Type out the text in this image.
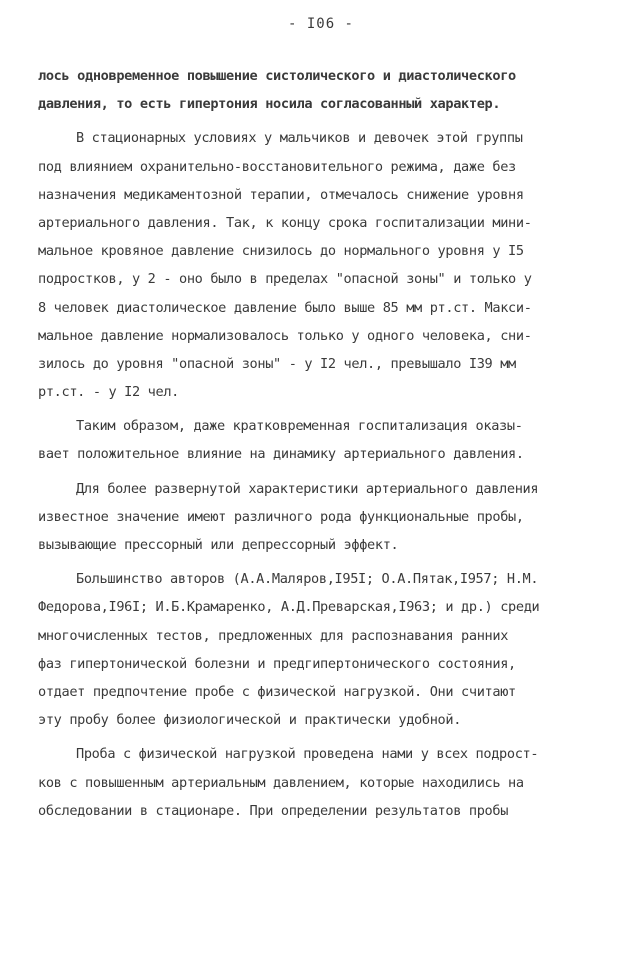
- I06 -
лось одновременное повышение систолического и диастолического
давления, то есть гипертония носила согласованный характер.
В стационарных условиях у мальчиков и девочек этой группы
под влиянием охранительно-восстановительного режима, даже без
назначения медикаментозной терапии, отмечалось снижение уровня
артериального давления. Так, к концу срока госпитализации мини-
мальное кровяное давление снизилось до нормального уровня у I5
подростков, у 2 - оно было в пределах "опасной зоны" и только у
8 человек диастолическое давление было выше 85 мм рт.ст. Макси-
мальное давление нормализовалось только у одного человека, сни-
зилось до уровня "опасной зоны" - у I2 чел., превышало I39 мм
рт.ст. - у I2 чел.
Таким образом, даже кратковременная госпитализация оказы-
вает положительное влияние на динамику артериального давления.
Для более развернутой характеристики артериального давления
известное значение имеют различного рода функциональные пробы,
вызывающие прессорный или депрессорный эффект.
Большинство авторов (А.А.Маляров,I95I; О.А.Пятак,I957; Н.М.
Федорова,I96I; И.Б.Крамаренко, А.Д.Преварская,I963; и др.) среди
многочисленных тестов, предложенных для распознавания ранних
фаз гипертонической болезни и предгипертонического состояния,
отдает предпочтение пробе с физической нагрузкой. Они считают
эту пробу более физиологической и практически удобной.
Проба с физической нагрузкой проведена нами у всех подрост-
ков с повышенным артериальным давлением, которые находились на
обследовании в стационаре. При определении результатов пробы
